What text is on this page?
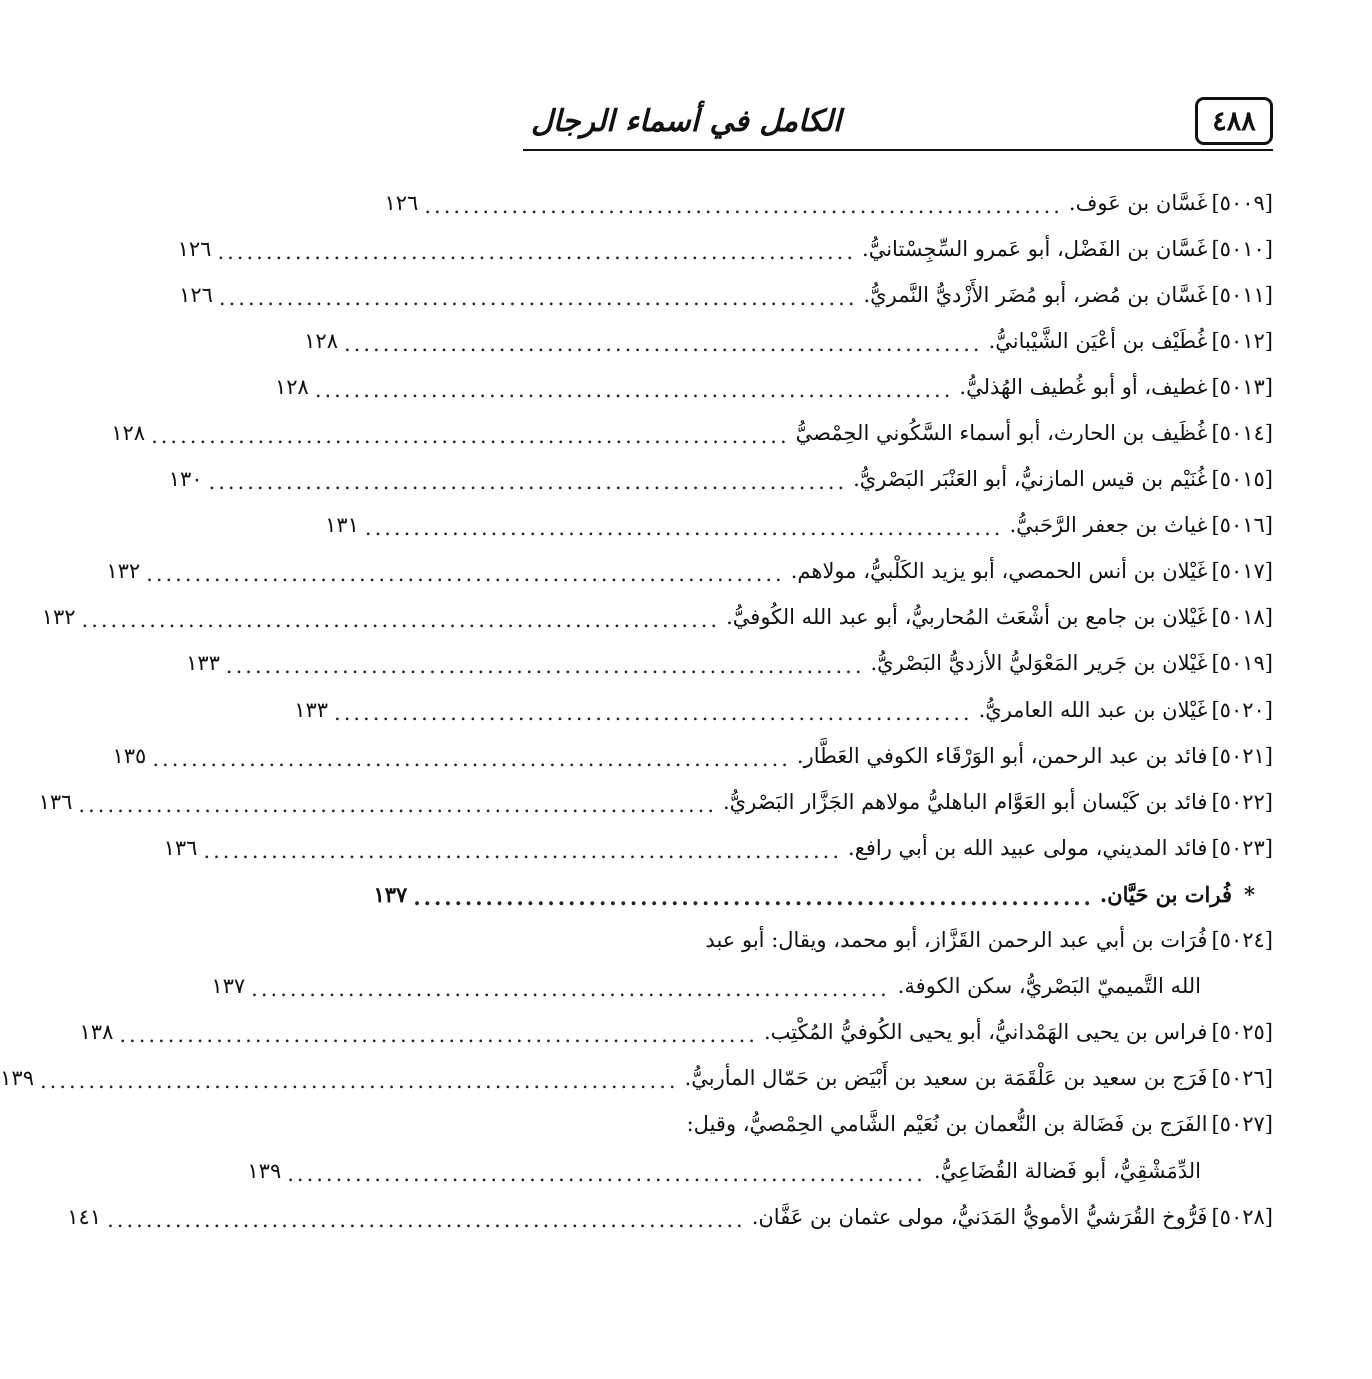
٤٨٨
الكامل في أسماء الرجال
[٥٠٠٩]
غَسَّان بن عَوف.
..................................................................
١٢٦
[٥٠١٠]
غَسَّان بن الفَضْل، أبو عَمرو السِّجِسْتانيُّ.
..................................................................
١٢٦
[٥٠١١]
غَسَّان بن مُضر، أبو مُضَر الأَزْديُّ النَّمريُّ.
..................................................................
١٢٦
[٥٠١٢]
غُطَيْف بن أعْيَن الشَّيْبانيُّ.
..................................................................
١٢٨
[٥٠١٣]
غطيف، أو أبو غُطيف الهُذليُّ.
..................................................................
١٢٨
[٥٠١٤]
غُظَيف بن الحارث، أبو أسماء السَّكُوني الحِمْصيُّ
..................................................................
١٢٨
[٥٠١٥]
غُنَيْم بن قيس المازنيُّ، أبو العَنْبَر البَصْريُّ.
..................................................................
١٣٠
[٥٠١٦]
غياث بن جعفر الرَّحَبيُّ.
..................................................................
١٣١
[٥٠١٧]
غَيْلان بن أنس الحمصي، أبو يزيد الكَلْبيُّ، مولاهم.
..................................................................
١٣٢
[٥٠١٨]
غَيْلان بن جامع بن أشْعَث المُحاربيُّ، أبو عبد الله الكُوفيُّ.
..................................................................
١٣٢
[٥٠١٩]
غَيْلان بن جَرير المَعْوَليُّ الأزديُّ البَصْريُّ.
..................................................................
١٣٣
[٥٠٢٠]
غَيْلان بن عبد الله العامريُّ.
..................................................................
١٣٣
[٥٠٢١]
فائد بن عبد الرحمن، أبو الوَرْقَاء الكوفي العَطَّار.
..................................................................
١٣٥
[٥٠٢٢]
فائد بن كَيْسان أبو العَوَّام الباهليُّ مولاهم الجَزَّار البَصْريُّ.
..................................................................
١٣٦
[٥٠٢٣]
فائد المديني، مولى عبيد الله بن أبي رافع.
..................................................................
١٣٦
*
فُرات بن حَيَّان.
..................................................................
١٣٧
[٥٠٢٤]
فُرَات بن أبي عبد الرحمن القَزَّاز، أبو محمد، ويقال: أبو عبد
الله التَّميميّ البَصْريُّ، سكن الكوفة.
..................................................................
١٣٧
[٥٠٢٥]
فراس بن يحيى الهَمْدانيُّ، أبو يحيى الكُوفيُّ المُكْتِب.
..................................................................
١٣٨
[٥٠٢٦]
فَرَج بن سعيد بن عَلْقَمَة بن سعيد بن أَبْيَض بن حَمّال المأربيُّ.
..................................................................
١٣٩
[٥٠٢٧]
الفَرَج بن فَضَالة بن النُّعمان بن نُعَيْم الشَّامي الحِمْصيُّ، وقيل:
الدِّمَشْقِيُّ، أبو فَضالة القُضَاعِيُّ.
..................................................................
١٣٩
[٥٠٢٨]
فَرُّوخ القُرَشيُّ الأمويُّ المَدَنيُّ، مولى عثمان بن عَفَّان.
..................................................................
١٤١
